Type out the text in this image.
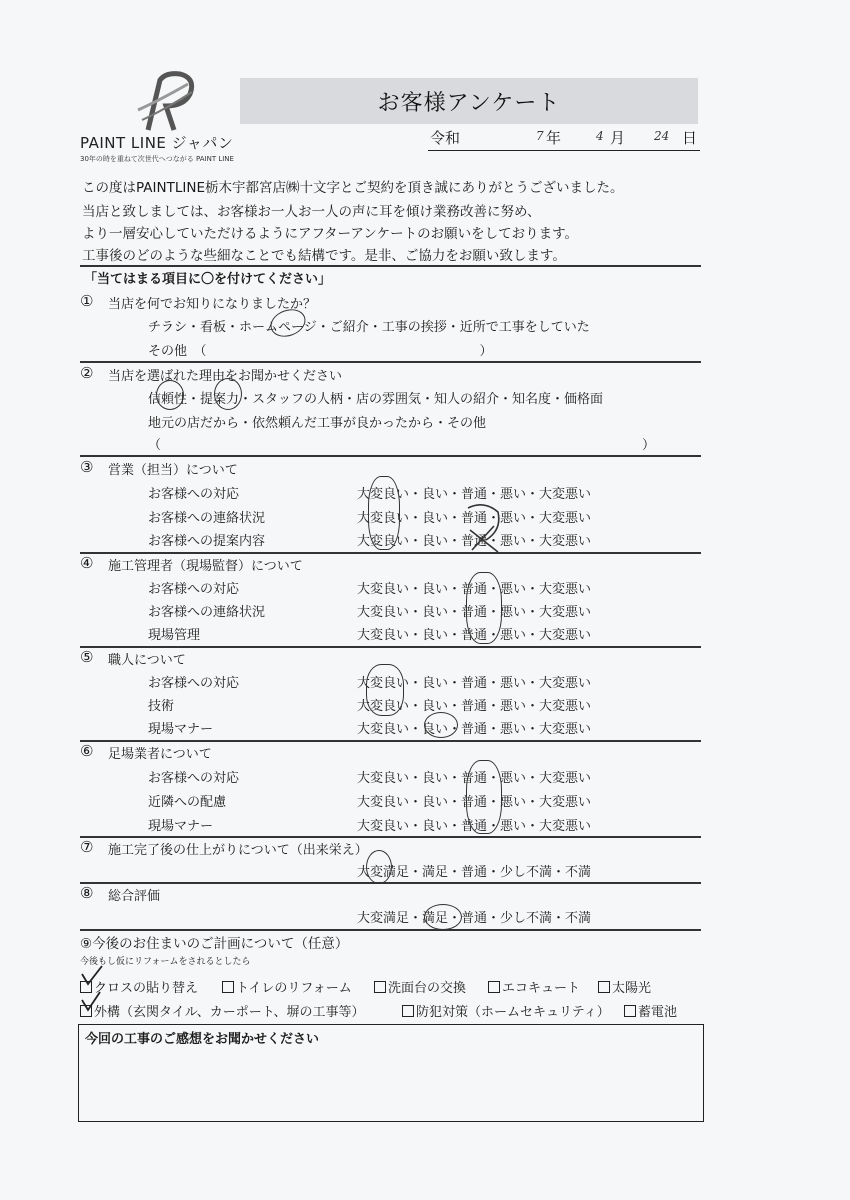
PAINT LINE ジャパン
30年の時を重ねて次世代へつながる PAINT LINE
お客様アンケート
令和	7 年	4 月 24 日
この度はPAINTLINE栃木宇都宮店㈱十文字とご契約を頂き誠にありがとうございました。
当店と致しましては、お客様お一人お一人の声に耳を傾け業務改善に努め、
より一層安心していただけるようにアフターアンケートのお願いをしております。
工事後のどのような些細なことでも結構です。是非、ご協力をお願い致します。
「当てはまる項目に〇を付けてください」
① 当店を何でお知りになりましたか？
チラシ・看板・ホームページ・ご紹介・工事の挨拶・近所で工事をしていた
その他　（　　　　　　　　　　　　　　　　　　　　　）
② 当店を選ばれた理由をお聞かせください
信頼性・提案力・スタッフの人柄・店の雰囲気・知人の紹介・知名度・価格面
地元の店だから・依然頼んだ工事が良かったから・その他
（　　　　　　　　　　　　　　　　　　　　　　　　　　　　　　　　　　　　　）
③ 営業（担当）について
お客様への対応	大変良い・良い・普通・悪い・大変悪い
お客様への連絡状況	大変良い・良い・普通・悪い・大変悪い
お客様への提案内容	大変良い・良い・普通・悪い・大変悪い
④ 施工管理者（現場監督）について
お客様への対応	大変良い・良い・普通・悪い・大変悪い
お客様への連絡状況	大変良い・良い・普通・悪い・大変悪い
現場管理	大変良い・良い・普通・悪い・大変悪い
⑤ 職人について
お客様への対応	大変良い・良い・普通・悪い・大変悪い
技術	大変良い・良い・普通・悪い・大変悪い
現場マナー	大変良い・良い・普通・悪い・大変悪い
⑥ 足場業者について
お客様への対応	大変良い・良い・普通・悪い・大変悪い
近隣への配慮	大変良い・良い・普通・悪い・大変悪い
現場マナー	大変良い・良い・普通・悪い・大変悪い
⑦ 施工完了後の仕上がりについて（出来栄え）
大変満足・満足・普通・少し不満・不満
⑧ 総合評価
大変満足・満足・普通・少し不満・不満
⑨今後のお住まいのご計画について（任意）
今後もし仮にリフォームをされるとしたら
クロスの貼り替え	トイレのリフォーム	洗面台の交換	エコキュート	太陽光
外構（玄関タイル、カーポート、塀の工事等）	防犯対策（ホームセキュリティ）	蓄電池
今回の工事のご感想をお聞かせください
